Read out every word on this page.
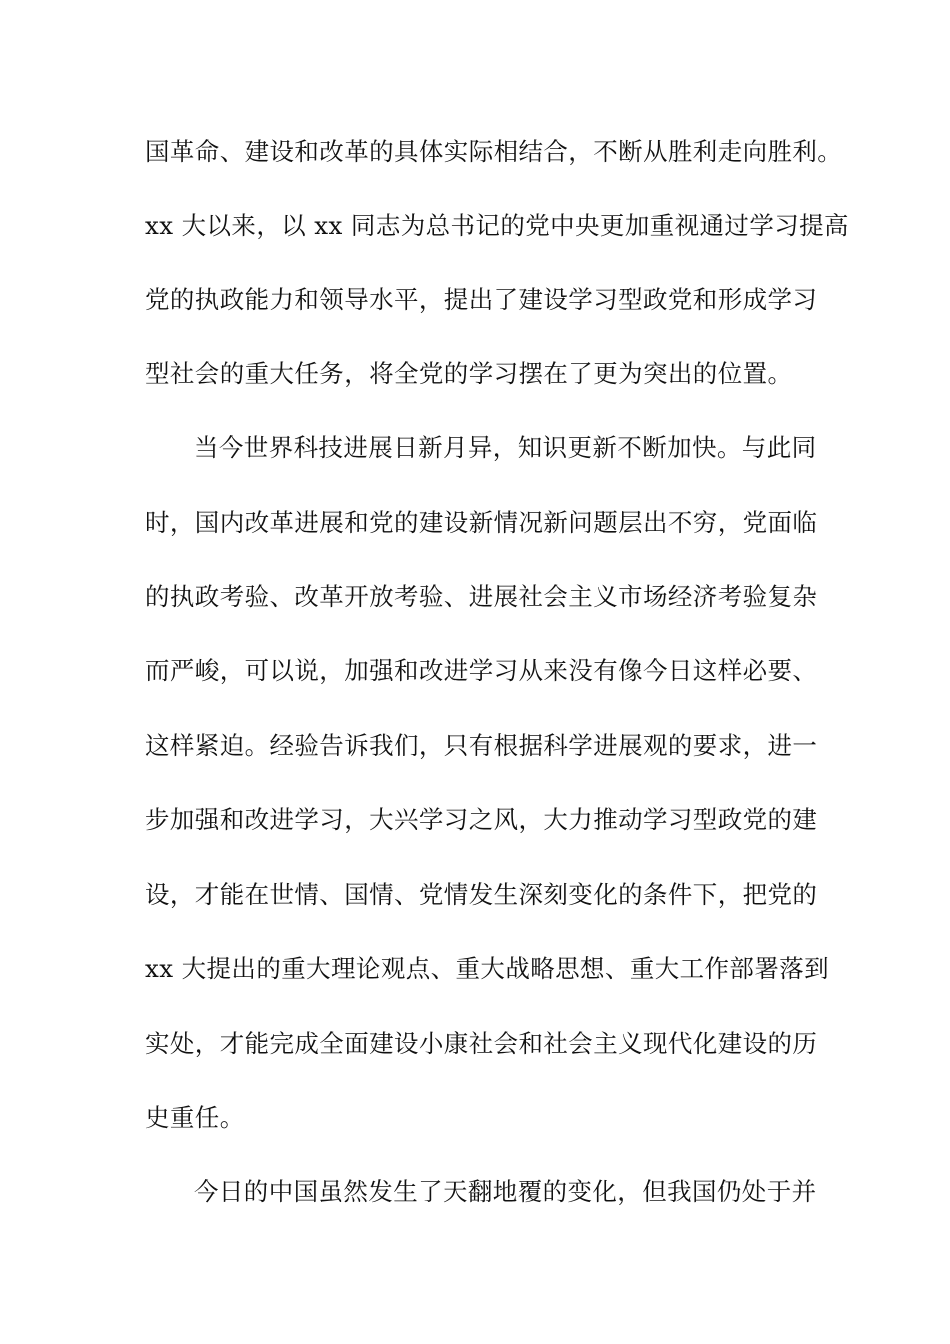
国革命、建设和改革的具体实际相结合，不断从胜利走向胜利。
xx 大以来，以 xx 同志为总书记的党中央更加重视通过学习提高
党的执政能力和领导水平，提出了建设学习型政党和形成学习
型社会的重大任务，将全党的学习摆在了更为突出的位置。
当今世界科技进展日新月异，知识更新不断加快。与此同
时，国内改革进展和党的建设新情况新问题层出不穷，党面临
的执政考验、改革开放考验、进展社会主义市场经济考验复杂
而严峻，可以说，加强和改进学习从来没有像今日这样必要、
这样紧迫。经验告诉我们，只有根据科学进展观的要求，进一
步加强和改进学习，大兴学习之风，大力推动学习型政党的建
设，才能在世情、国情、党情发生深刻变化的条件下，把党的
xx 大提出的重大理论观点、重大战略思想、重大工作部署落到
实处，才能完成全面建设小康社会和社会主义现代化建设的历
史重任。
今日的中国虽然发生了天翻地覆的变化，但我国仍处于并
